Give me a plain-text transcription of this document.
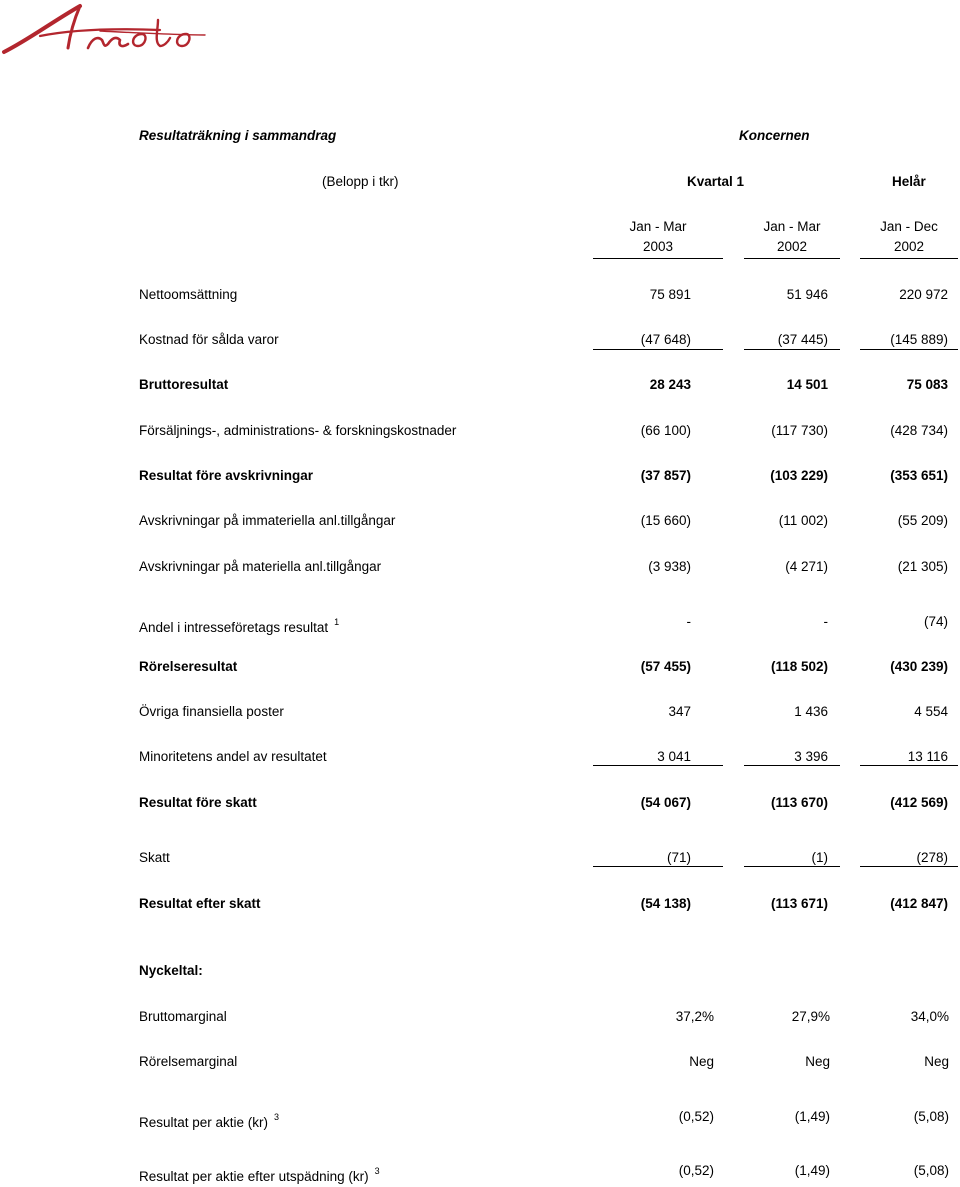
Resultaträkning i sammandrag	Koncernen
(Belopp i tkr)	Kvartal 1	Helår
Jan - Mar	Jan - Mar	Jan - Dec
2003	2002	2002
Nettoomsättning	75 891	51 946	220 972
Kostnad för sålda varor	(47 648)	(37 445)	(145 889)
Bruttoresultat	28 243	14 501	75 083
Försäljnings-, administrations- & forskningskostnader	(66 100)	(117 730)	(428 734)
Resultat före avskrivningar	(37 857)	(103 229)	(353 651)
Avskrivningar på immateriella anl.tillgångar	(15 660)	(11 002)	(55 209)
Avskrivningar på materiella anl.tillgångar	(3 938)	(4 271)	(21 305)
Andel i intresseföretags resultat $^1$	-	-	(74)
Rörelseresultat	(57 455)	(118 502)	(430 239)
Övriga finansiella poster	347	1 436	4 554
Minoritetens andel av resultatet	3 041	3 396	13 116
Resultat före skatt	(54 067)	(113 670)	(412 569)
Skatt	(71)	(1)	(278)
Resultat efter skatt	(54 138)	(113 671)	(412 847)
Nyckeltal:
Bruttomarginal	37,2%	27,9%	34,0%
Rörelsemarginal	Neg	Neg	Neg
Resultat per aktie (kr) $^3$	(0,52)	(1,49)	(5,08)
Resultat per aktie efter utspädning (kr) $^3$	(0,52)	(1,49)	(5,08)
